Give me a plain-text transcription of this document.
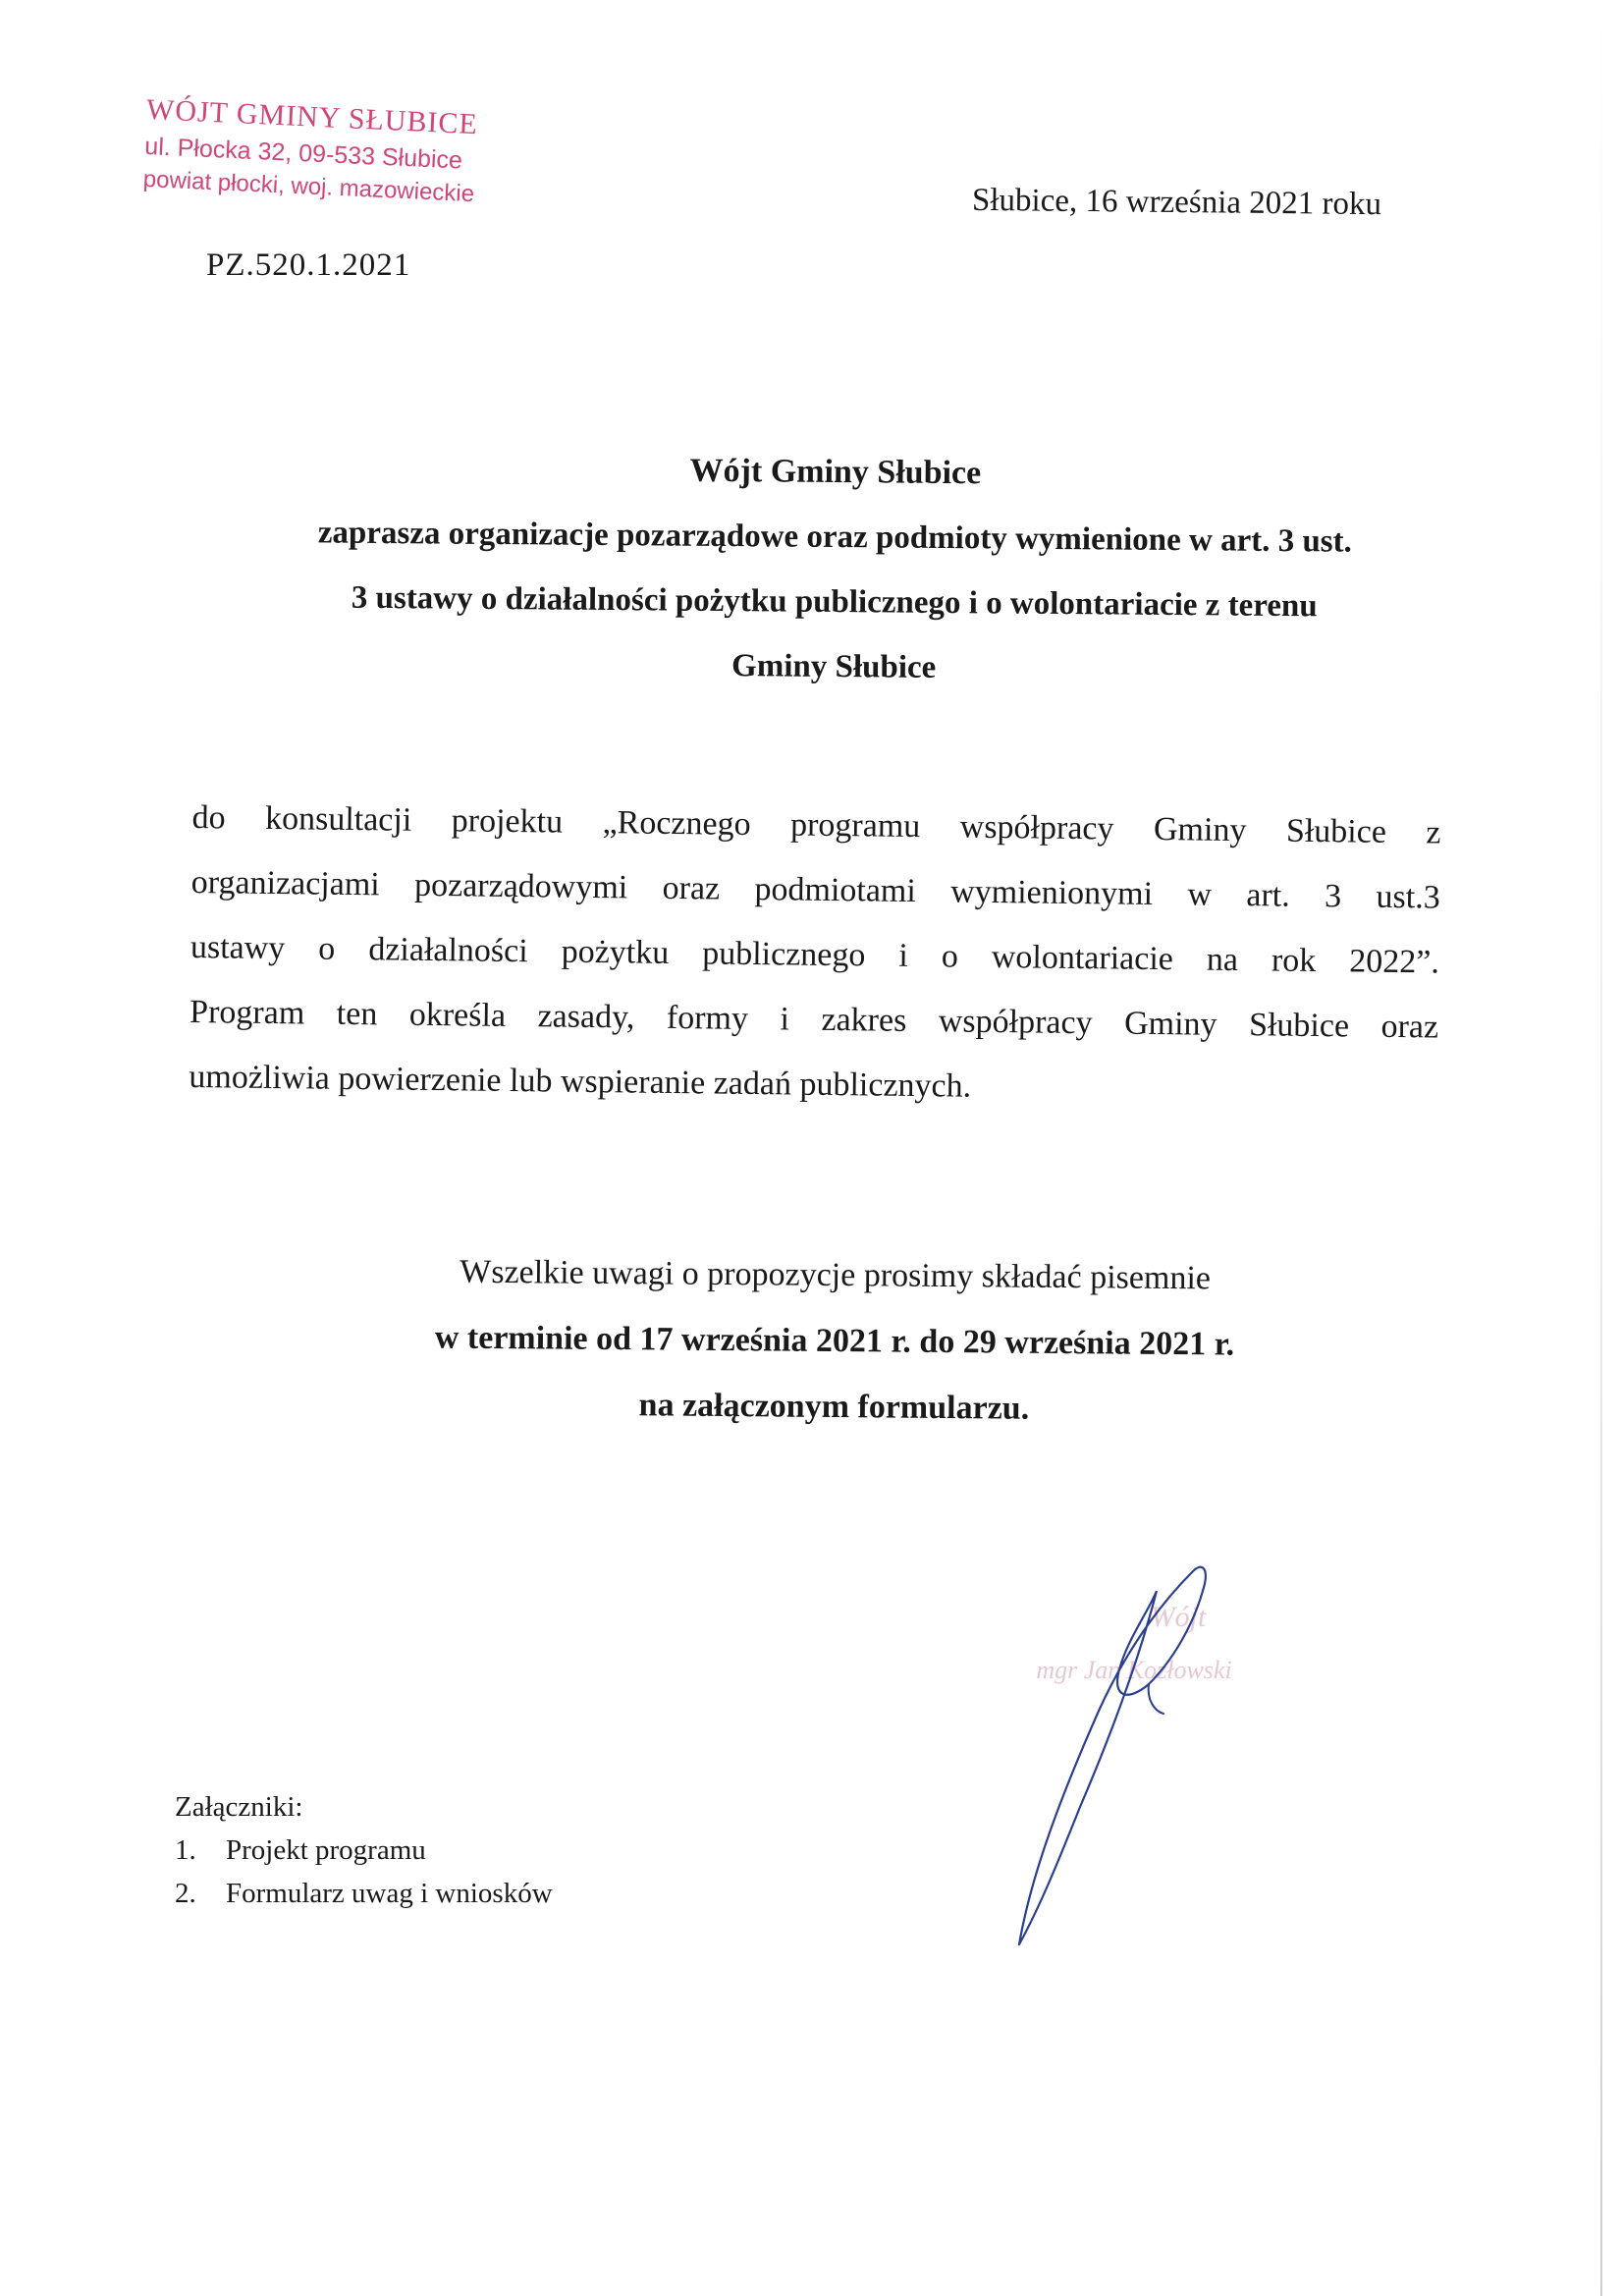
WÓJT GMINY SŁUBICE
ul. Płocka 32, 09-533 Słubice
powiat płocki, woj. mazowieckie	Słubice, 16 września 2021 roku
PZ.520.1.2021
Wójt Gminy Słubice
zaprasza organizacje pozarządowe oraz podmioty wymienione w art. 3 ust.
3 ustawy o działalności pożytku publicznego i o wolontariacie z terenu
Gminy Słubice
do konsultacji projektu „Rocznego programu współpracy Gminy Słubice z
organizacjami pozarządowymi oraz podmiotami wymienionymi w art. 3 ust.3
ustawy o działalności pożytku publicznego i o wolontariacie na rok 2022”.
Program ten określa zasady, formy i zakres współpracy Gminy Słubice oraz
umożliwia powierzenie lub wspieranie zadań publicznych.
Wszelkie uwagi o propozycje prosimy składać pisemnie
w terminie od 17 września 2021 r. do 29 września 2021 r.
na załączonym formularzu.
Wójt
mgr Jan Kozłowski
Załączniki:
1.	Projekt programu
2.	Formularz uwag i wniosków
